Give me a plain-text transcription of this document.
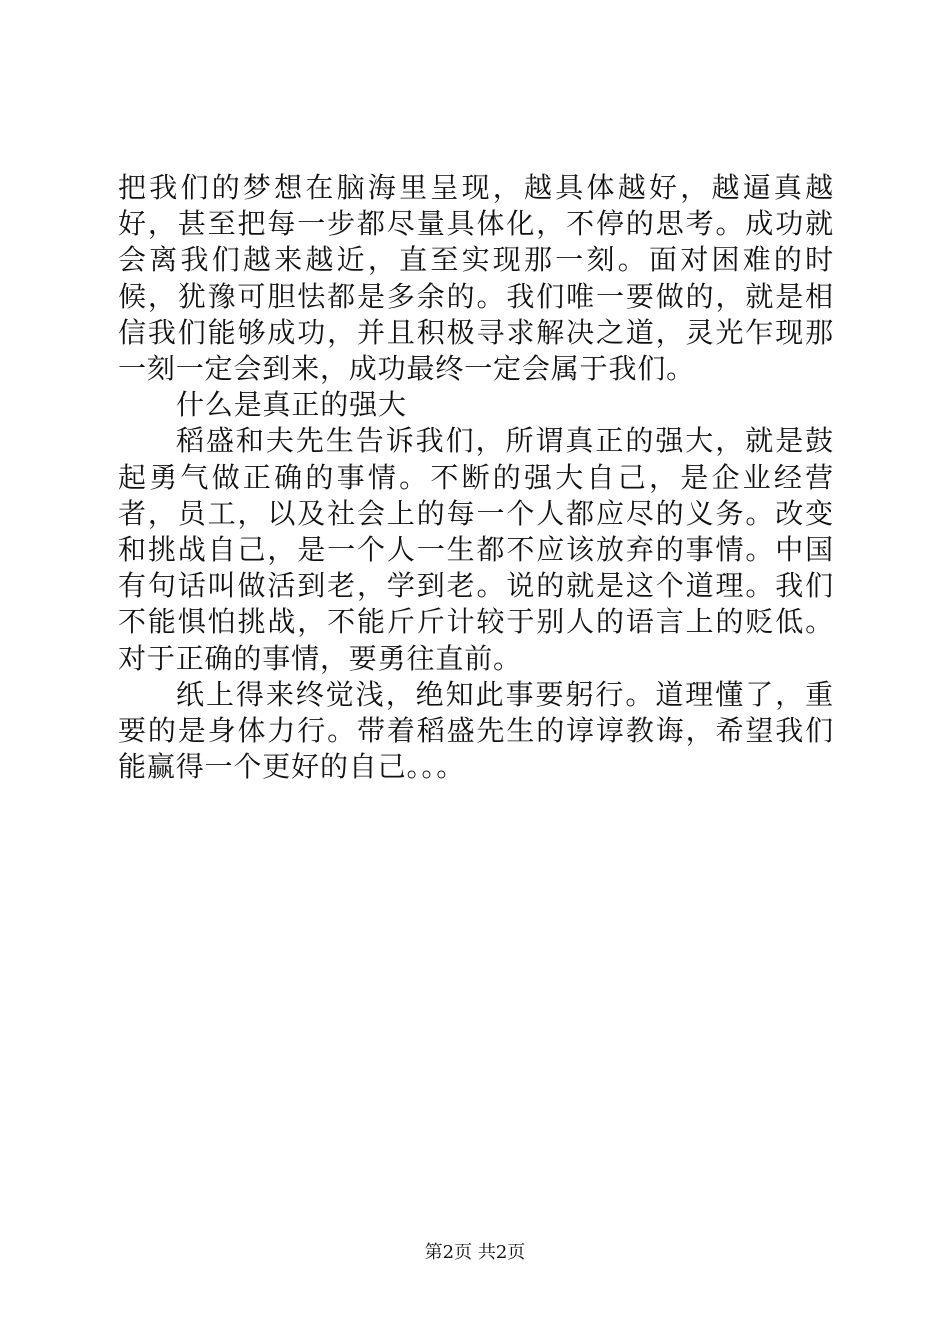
把我们的梦想在脑海里呈现，越具体越好，越逼真越好，甚至把每一步都尽量具体化，不停的思考。成功就会离我们越来越近，直至实现那一刻。面对困难的时候，犹豫可胆怯都是多余的。我们唯一要做的，就是相信我们能够成功，并且积极寻求解决之道，灵光乍现那一刻一定会到来，成功最终一定会属于我们。

什么是真正的强大

稻盛和夫先生告诉我们，所谓真正的强大，就是鼓起勇气做正确的事情。不断的强大自己，是企业经营者，员工，以及社会上的每一个人都应尽的义务。改变和挑战自己，是一个人一生都不应该放弃的事情。中国有句话叫做活到老，学到老。说的就是这个道理。我们不能惧怕挑战，不能斤斤计较于别人的语言上的贬低。对于正确的事情，要勇往直前。

纸上得来终觉浅，绝知此事要躬行。道理懂了，重要的是身体力行。带着稻盛先生的谆谆教诲，希望我们能赢得一个更好的自己。。。

第2页 共2页
